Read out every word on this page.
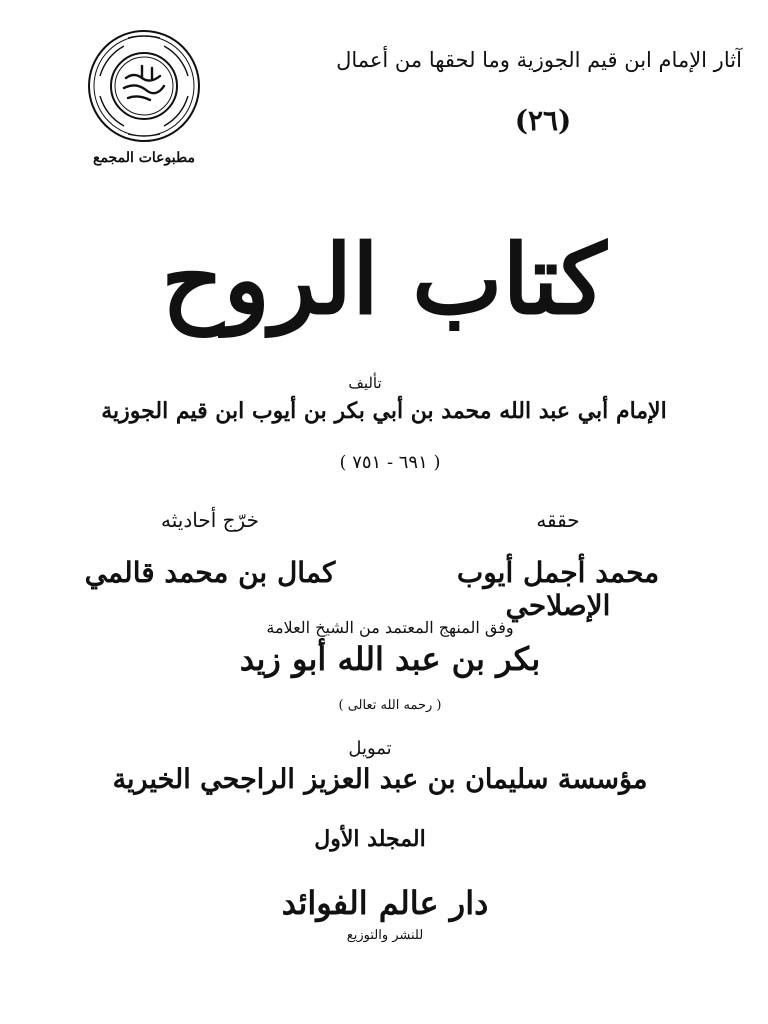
آثار الإمام ابن قيم الجوزية وما لحقها من أعمال
(٢٦)
مطبوعات المجمع
كتاب الروح
تأليف
الإمام أبي عبد الله محمد بن أبي بكر بن أيوب ابن قيم الجوزية
( ٦٩١ - ٧٥١ )
حققه
محمد أجمل أيوب الإصلاحي
خرّج أحاديثه
كمال بن محمد قالمي
وفق المنهج المعتمد من الشيخ العلامة
بكر بن عبد الله أبو زيد
( رحمه الله تعالى )
تمويل
مؤسسة سليمان بن عبد العزيز الراجحي الخيرية
المجلد الأول
دار عالم الفوائد
للنشر والتوزيع
